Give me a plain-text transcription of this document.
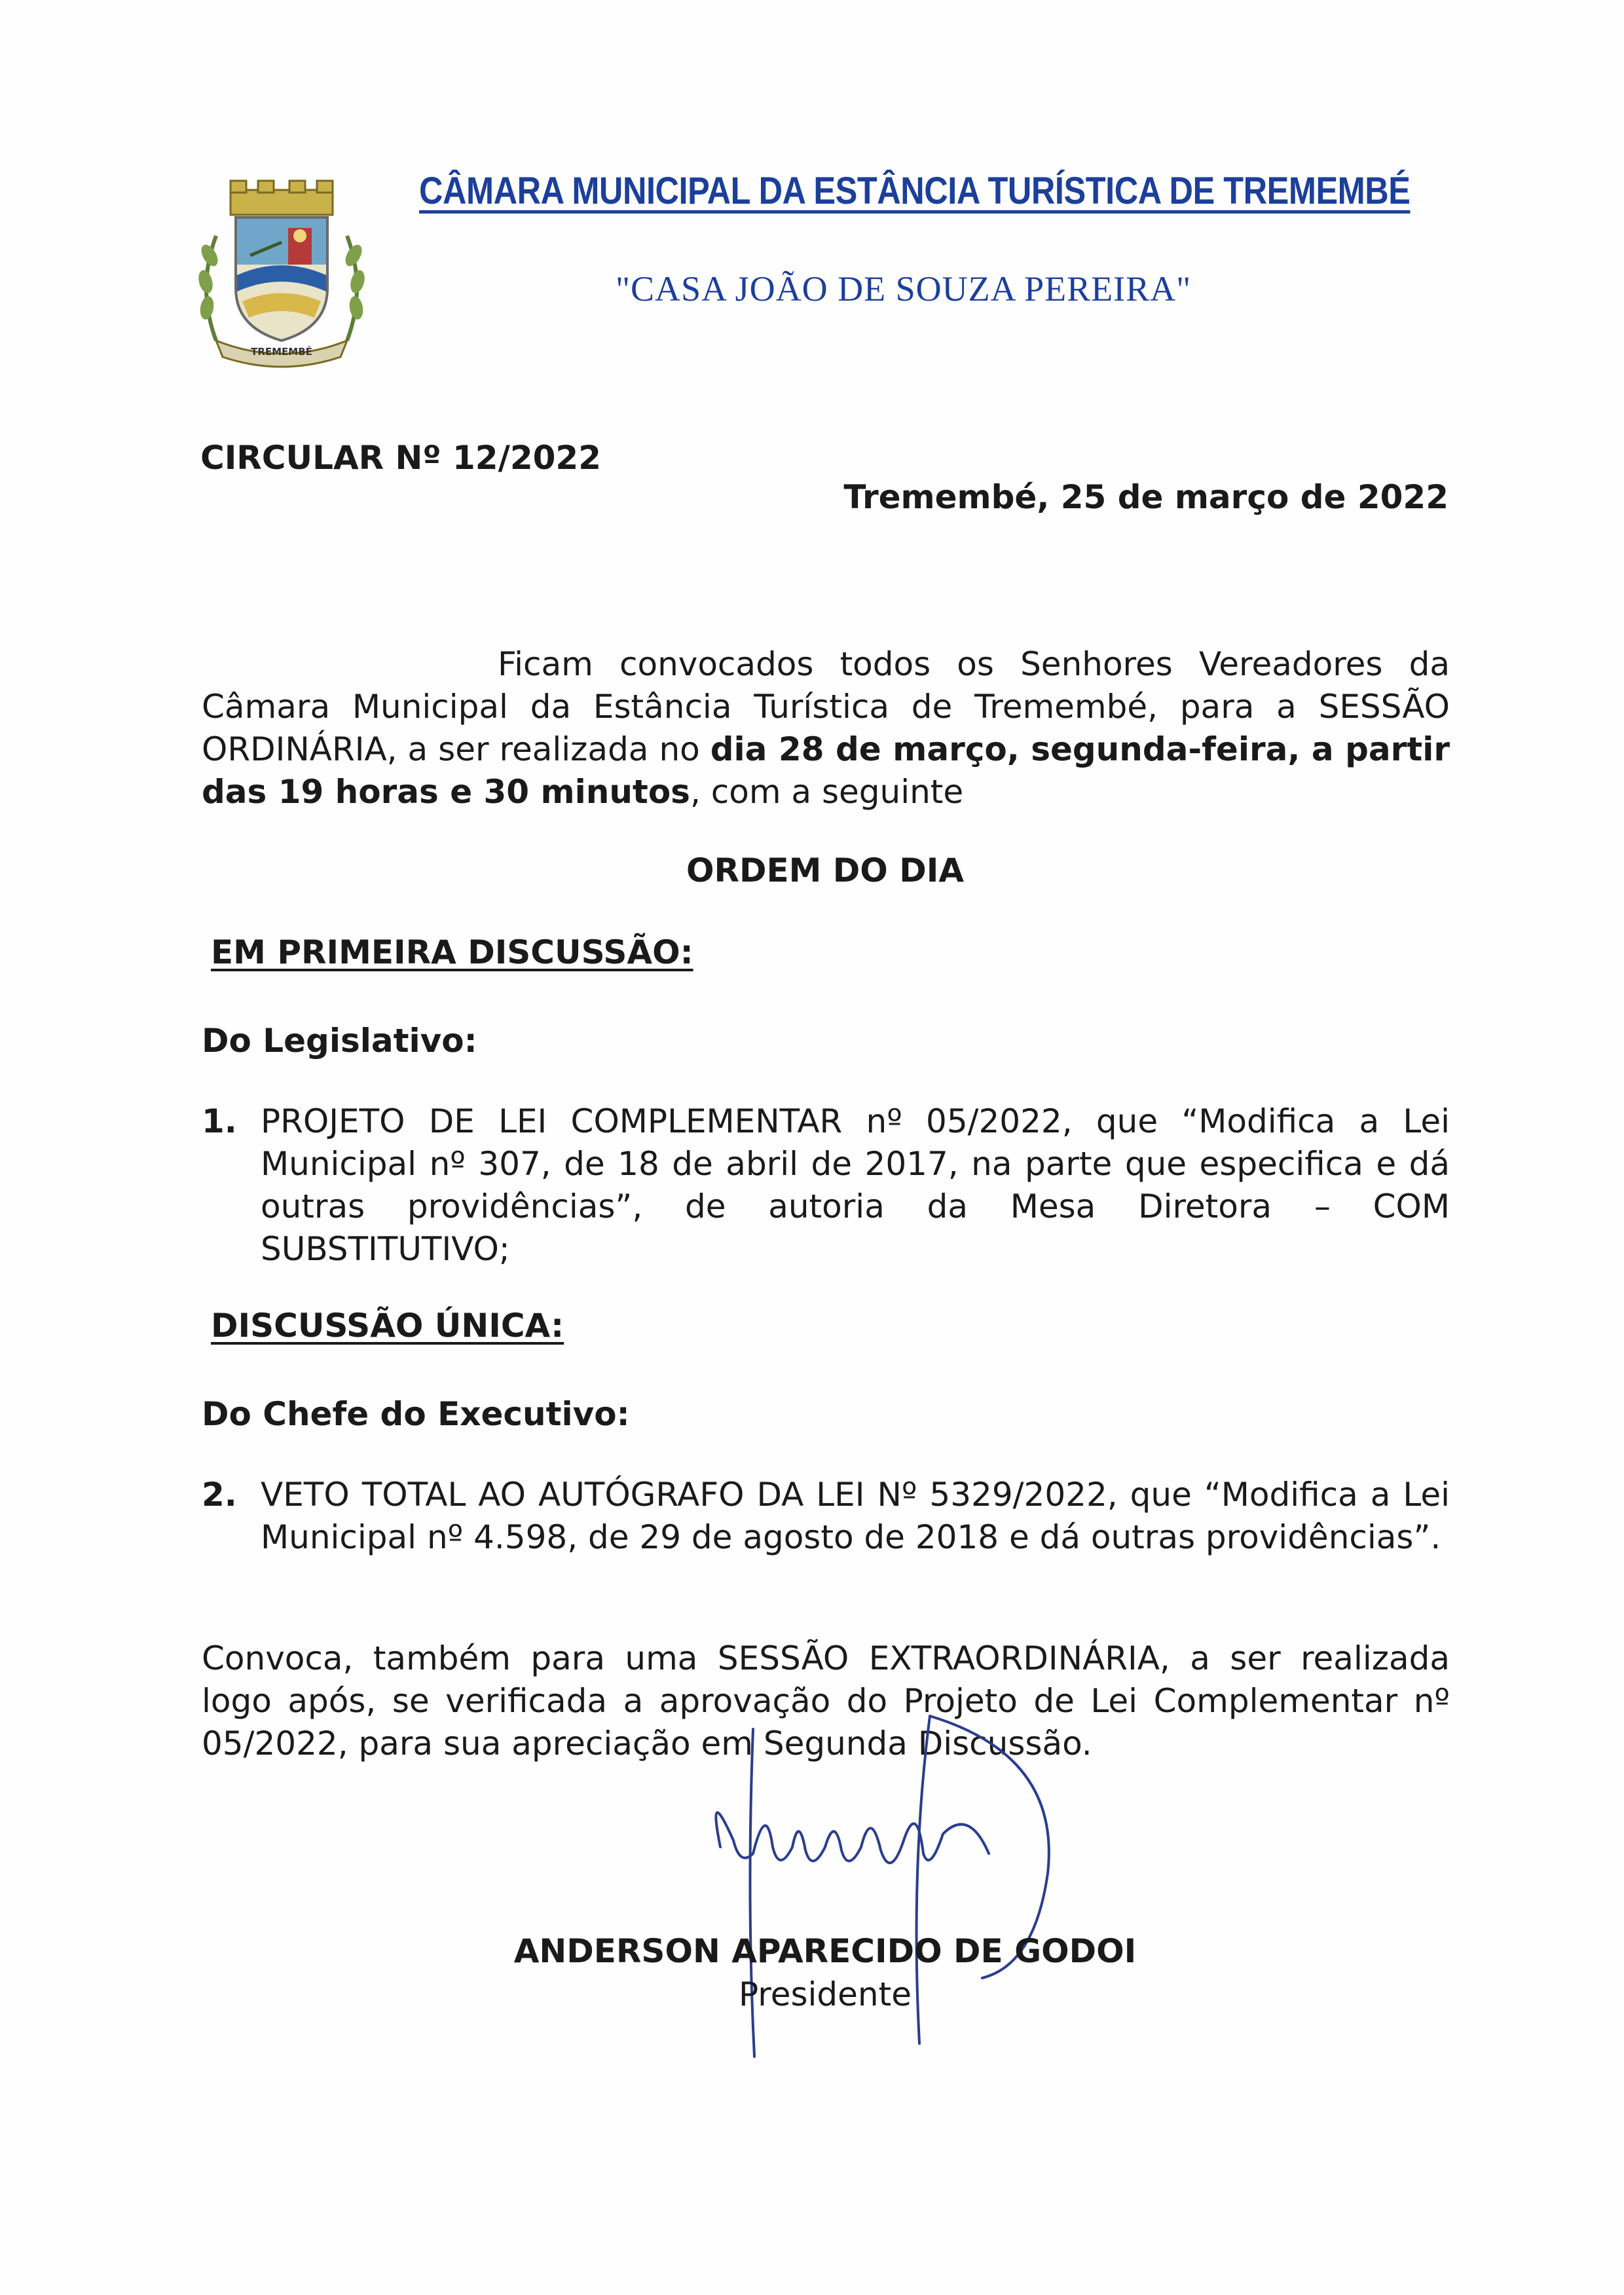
TREMEMBÉ
CÂMARA MUNICIPAL DA ESTÂNCIA TURÍSTICA DE TREMEMBÉ
"CASA JOÃO DE SOUZA PEREIRA"
CIRCULAR Nº 12/2022
Tremembé, 25 de março de 2022
Ficam convocados todos os Senhores Vereadores da Câmara Municipal da Estância Turística de Tremembé, para a SESSÃO ORDINÁRIA, a ser realizada no dia 28 de março, segunda-feira, a partir das 19 horas e 30 minutos, com a seguinte
ORDEM DO DIA
EM PRIMEIRA DISCUSSÃO:
Do Legislativo:
1. PROJETO DE LEI COMPLEMENTAR nº 05/2022, que “Modifica a Lei Municipal nº 307, de 18 de abril de 2017, na parte que especifica e dá outras providências”, de autoria da Mesa Diretora – COM SUBSTITUTIVO;
DISCUSSÃO ÚNICA:
Do Chefe do Executivo:
2. VETO TOTAL AO AUTÓGRAFO DA LEI Nº 5329/2022, que “Modifica a Lei Municipal nº 4.598, de 29 de agosto de 2018 e dá outras providências”.
Convoca, também para uma SESSÃO EXTRAORDINÁRIA, a ser realizada logo após, se verificada a aprovação do Projeto de Lei Complementar nº 05/2022, para sua apreciação em Segunda Discussão.
ANDERSON APARECIDO DE GODOI
Presidente
